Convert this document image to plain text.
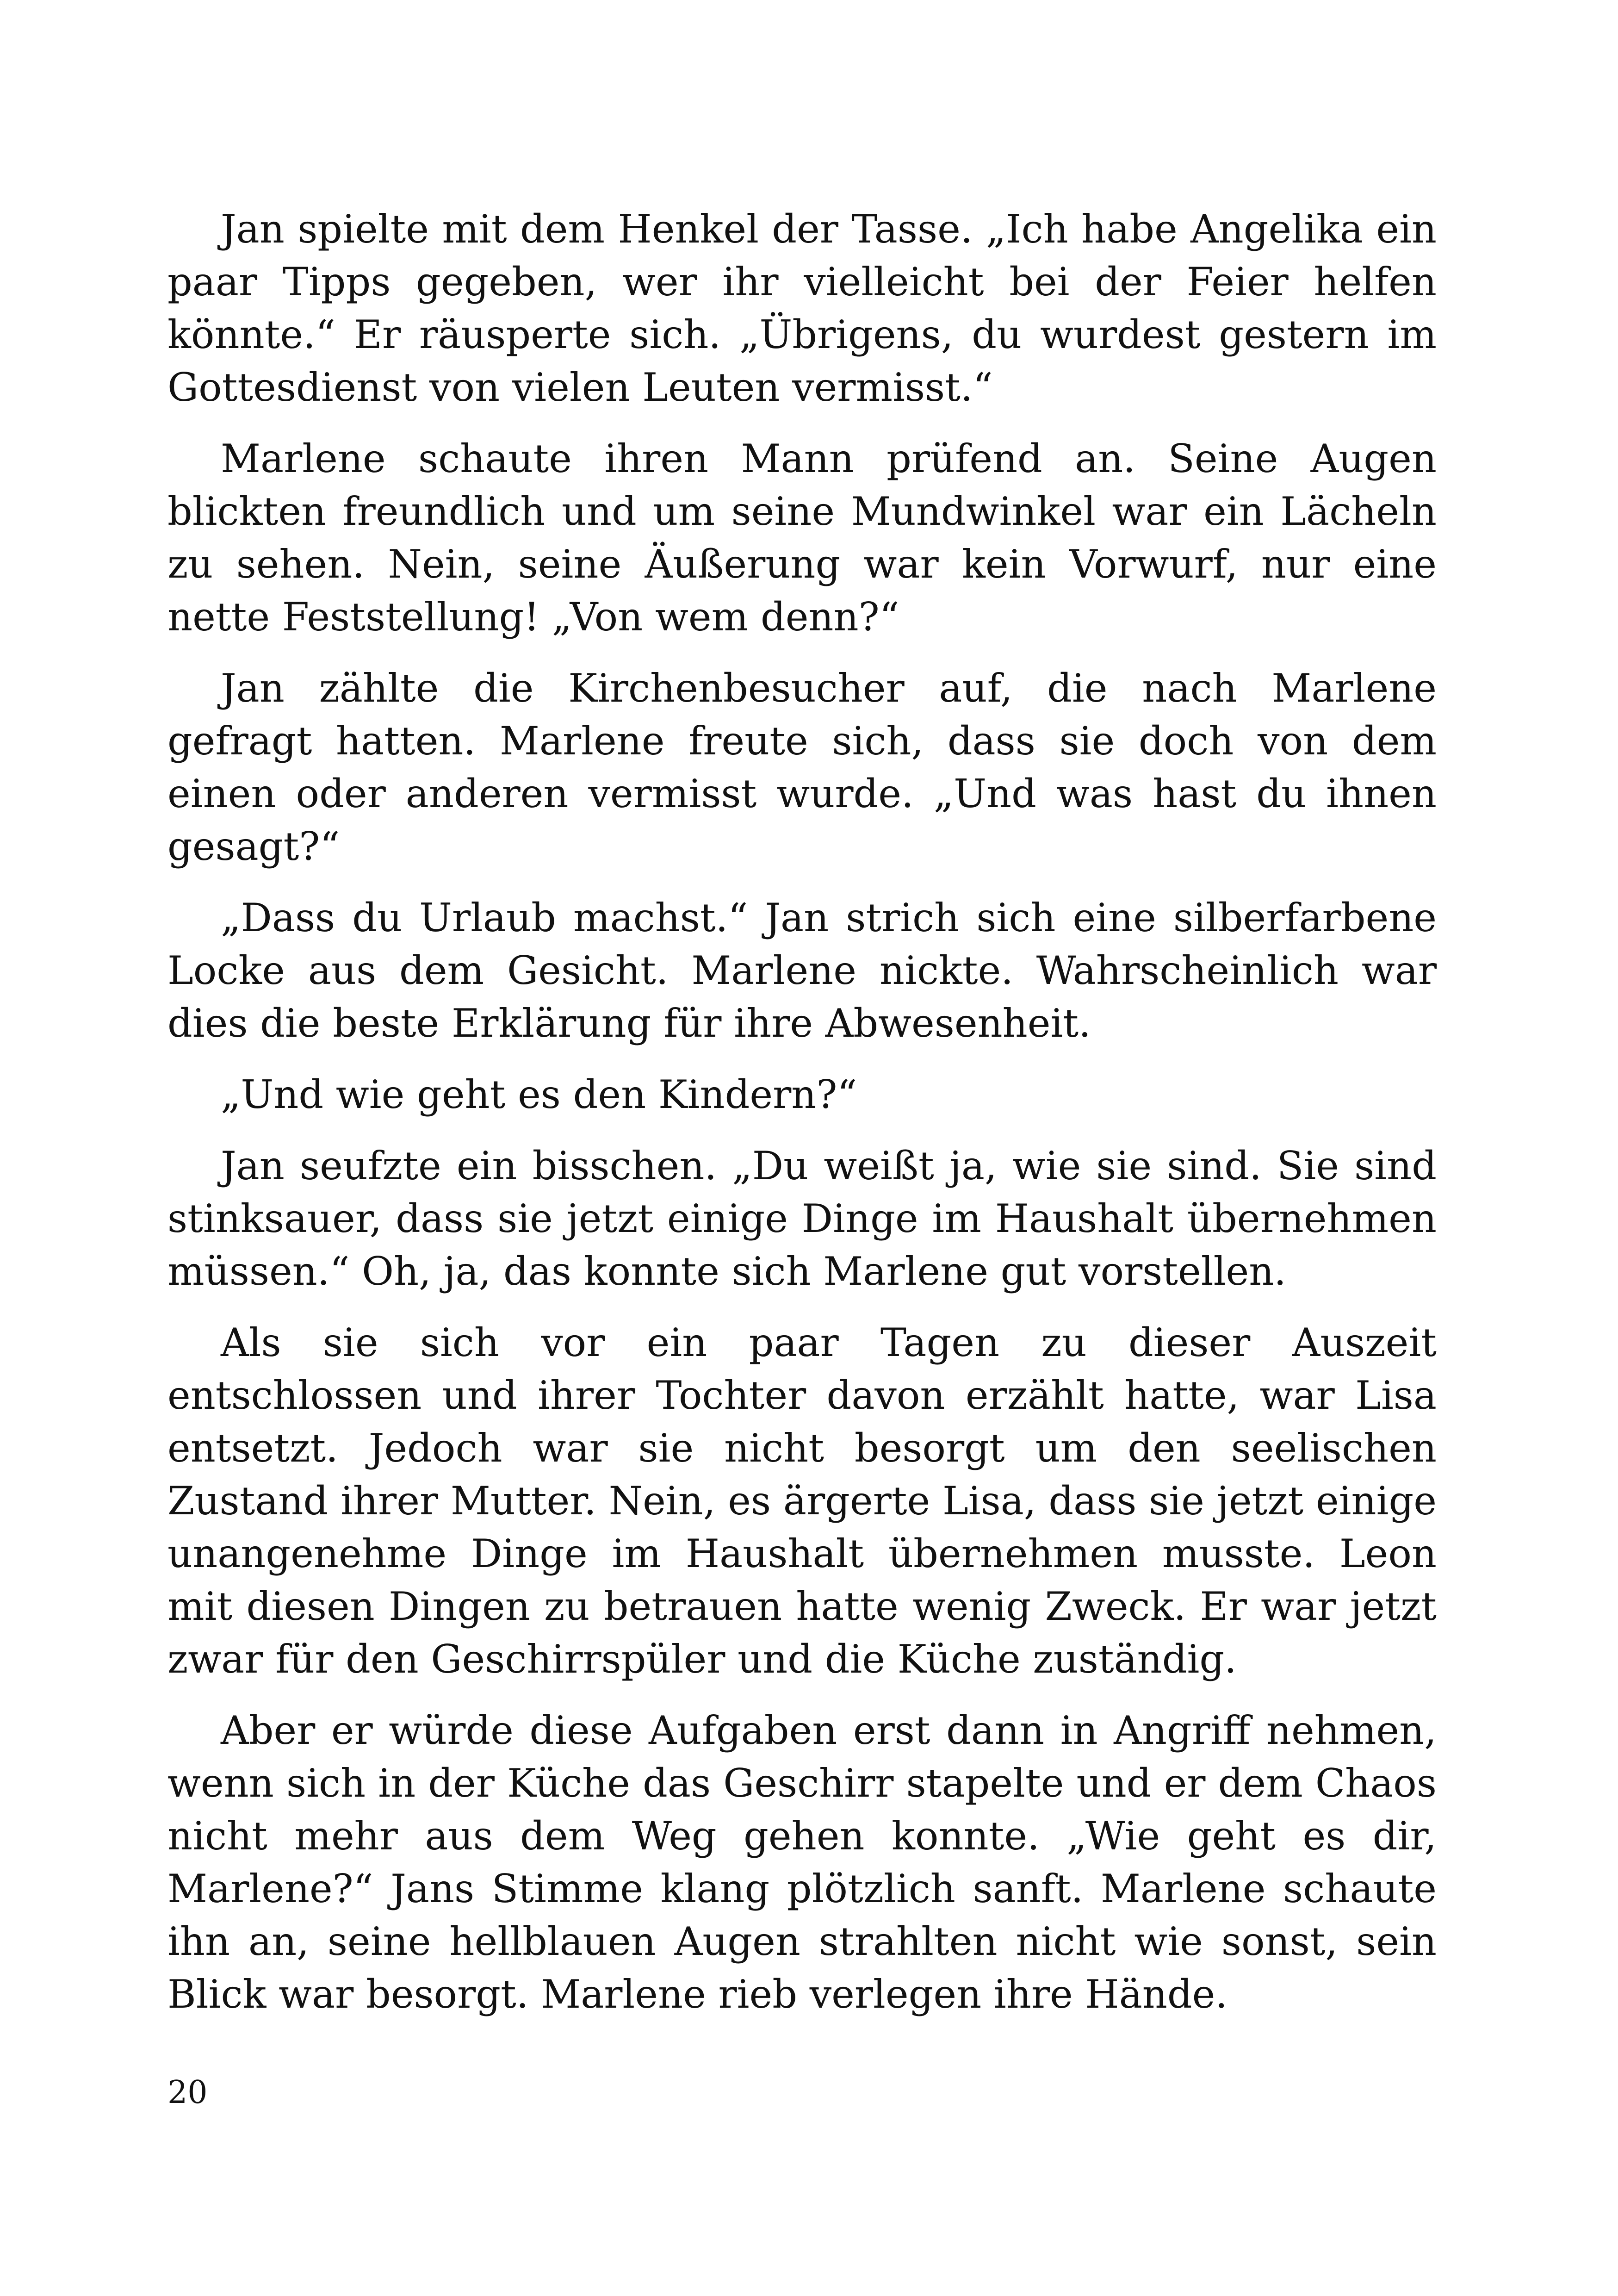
Jan spielte mit dem Henkel der Tasse. „Ich habe Angelika ein paar Tipps gegeben, wer ihr vielleicht bei der Feier helfen könnte.“ Er räusperte sich. „Übrigens, du wurdest gestern im Gottesdienst von vielen Leuten vermisst.“

Marlene schaute ihren Mann prüfend an. Seine Augen blickten freundlich und um seine Mundwinkel war ein Lächeln zu sehen. Nein, seine Äußerung war kein Vorwurf, nur eine nette Feststellung! „Von wem denn?“

Jan zählte die Kirchenbesucher auf, die nach Marlene gefragt hatten. Marlene freute sich, dass sie doch von dem einen oder anderen vermisst wurde. „Und was hast du ihnen gesagt?“

„Dass du Urlaub machst.“ Jan strich sich eine silberfarbene Locke aus dem Gesicht. Marlene nickte. Wahrscheinlich war dies die beste Erklärung für ihre Abwesenheit.

„Und wie geht es den Kindern?“

Jan seufzte ein bisschen. „Du weißt ja, wie sie sind. Sie sind stinksauer, dass sie jetzt einige Dinge im Haushalt übernehmen müssen.“ Oh, ja, das konnte sich Marlene gut vorstellen.

Als sie sich vor ein paar Tagen zu dieser Auszeit entschlossen und ihrer Tochter davon erzählt hatte, war Lisa entsetzt. Jedoch war sie nicht besorgt um den seelischen Zustand ihrer Mutter. Nein, es ärgerte Lisa, dass sie jetzt einige unangenehme Dinge im Haushalt übernehmen musste. Leon mit diesen Dingen zu betrauen hatte wenig Zweck. Er war jetzt zwar für den Geschirrspüler und die Küche zuständig.

Aber er würde diese Aufgaben erst dann in Angriff nehmen, wenn sich in der Küche das Geschirr stapelte und er dem Chaos nicht mehr aus dem Weg gehen konnte. „Wie geht es dir, Marlene?“ Jans Stimme klang plötzlich sanft. Marlene schaute ihn an, seine hellblauen Augen strahlten nicht wie sonst, sein Blick war besorgt. Marlene rieb verlegen ihre Hände.

20
